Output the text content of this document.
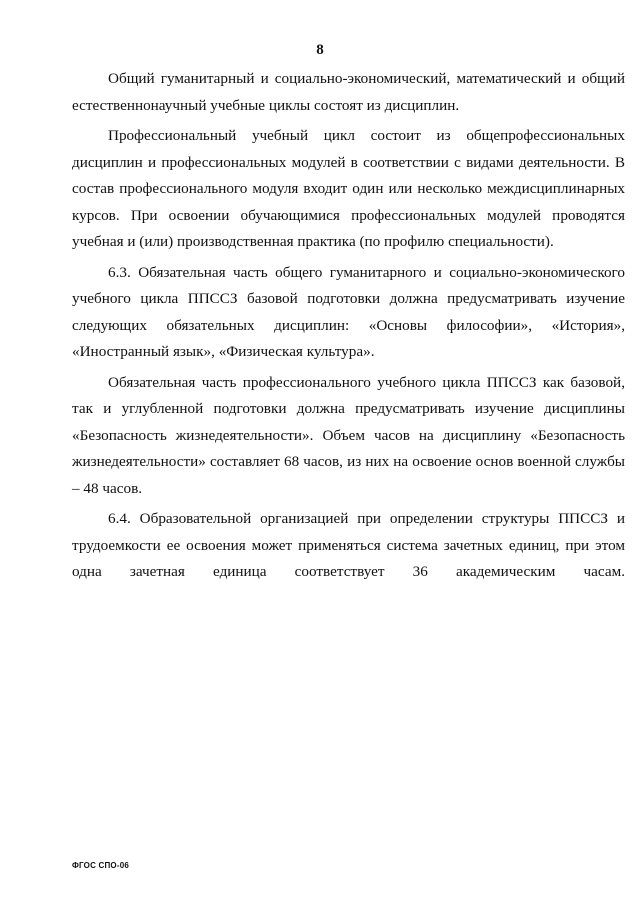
8

Общий гуманитарный и социально-экономический, математический и общий естественнонаучный учебные циклы состоят из дисциплин.

Профессиональный учебный цикл состоит из общепрофессиональных дисциплин и профессиональных модулей в соответствии с видами деятельности. В состав профессионального модуля входит один или несколько междисциплинарных курсов. При освоении обучающимися профессиональных модулей проводятся учебная и (или) производственная практика (по профилю специальности).

6.3. Обязательная часть общего гуманитарного и социально-экономического учебного цикла ППССЗ базовой подготовки должна предусматривать изучение следующих обязательных дисциплин: «Основы философии», «История», «Иностранный язык», «Физическая культура».

Обязательная часть профессионального учебного цикла ППССЗ как базовой, так и углубленной подготовки должна предусматривать изучение дисциплины «Безопасность жизнедеятельности». Объем часов на дисциплину «Безопасность жизнедеятельности» составляет 68 часов, из них на освоение основ военной службы – 48 часов.

6.4. Образовательной организацией при определении структуры ППССЗ и трудоемкости ее освоения может применяться система зачетных единиц, при этом одна зачетная единица соответствует 36 академическим часам.

ФГОС СПО-06
